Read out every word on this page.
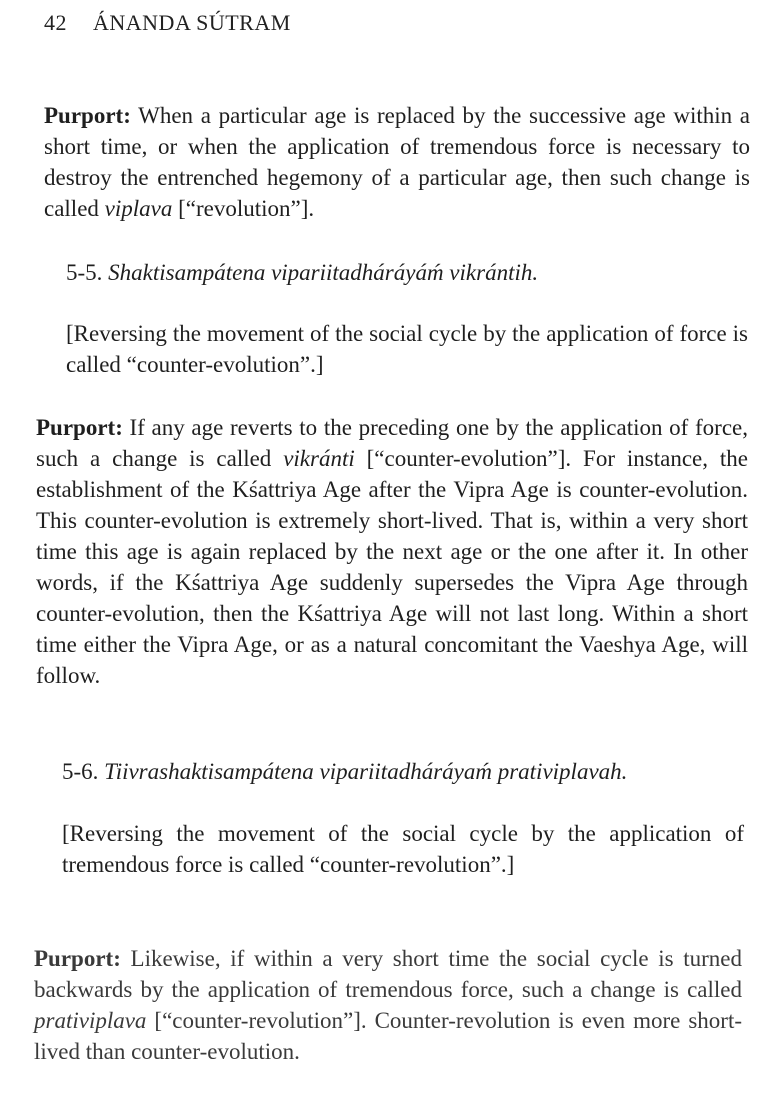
42 ÁNANDA SÚTRAM

Purport: When a particular age is replaced by the successive age within a short time, or when the application of tremendous force is necessary to destroy the entrenched hegemony of a particular age, then such change is called viplava [“revolution”].

5-5. Shaktisampátena vipariitadháráyáḿ vikrántih.

[Reversing the movement of the social cycle by the application of force is called “counter-evolution”.]

Purport: If any age reverts to the preceding one by the application of force, such a change is called vikránti [“counter-evolution”]. For instance, the establishment of the Kśattriya Age after the Vipra Age is counter-evolution. This counter-evolution is extremely short-lived. That is, within a very short time this age is again replaced by the next age or the one after it. In other words, if the Kśattriya Age suddenly supersedes the Vipra Age through counter-evolution, then the Kśattriya Age will not last long. Within a short time either the Vipra Age, or as a natural concomitant the Vaeshya Age, will follow.

5-6. Tiivrashaktisampátena vipariitadháráyaḿ prativiplavah.

[Reversing the movement of the social cycle by the application of tremendous force is called “counter-revolution”.]

Purport: Likewise, if within a very short time the social cycle is turned backwards by the application of tremendous force, such a change is called prativiplava [“counter-revolution”]. Counter-revolution is even more short-lived than counter-evolution.
